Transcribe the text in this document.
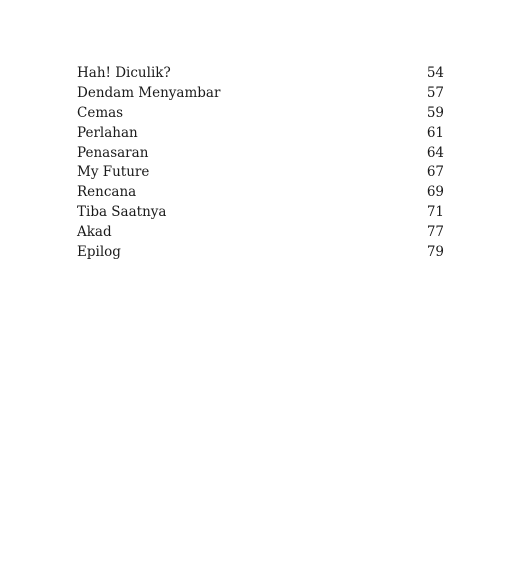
Hah! Diculik?	54
Dendam Menyambar	57
Cemas	59
Perlahan	61
Penasaran	64
My Future	67
Rencana	69
Tiba Saatnya	71
Akad	77
Epilog	79
